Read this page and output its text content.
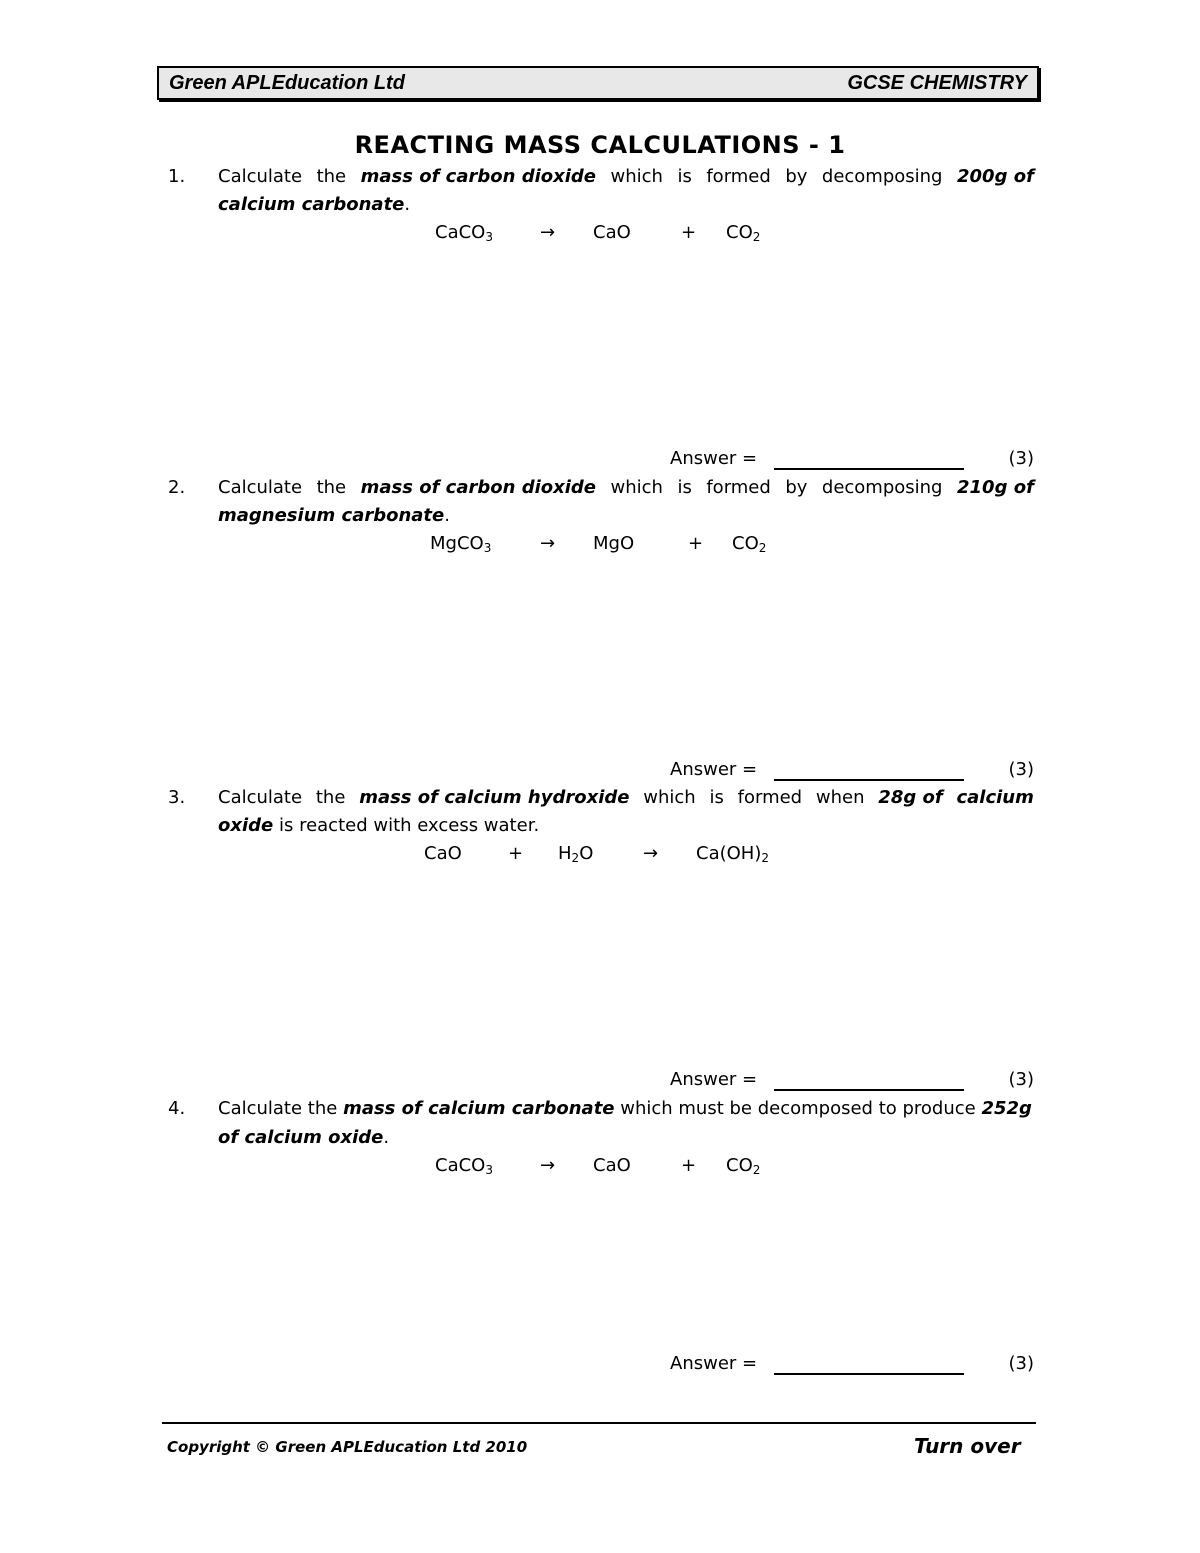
Green APLEducation Ltd	GCSE CHEMISTRY
REACTING MASS CALCULATIONS - 1
1. Calculate the mass of carbon dioxide which is formed by decomposing 200g of
calcium carbonate.
CaCO$_3$	→ CaO	+ $CO_2$
Answer =	(3)
2. Calculate the mass of carbon dioxide which is formed by decomposing 210g of
magnesium carbonate.
MgCO$_3$	→ MgO	+ $CO_2$
Answer =	(3)
3. Calculate the mass of calcium hydroxide which is formed when 28g of calcium
oxide is reacted with excess water.
CaO	+ $H_2O$	→ $Ca(OH)_2$
Answer =	(3)
4. Calculate the mass of calcium carbonate which must be decomposed to produce 252g
of calcium oxide.
CaCO$_3$	→ CaO	+ $CO_2$
Answer =	(3)
Copyright © Green APLEducation Ltd 2010	Turn over
